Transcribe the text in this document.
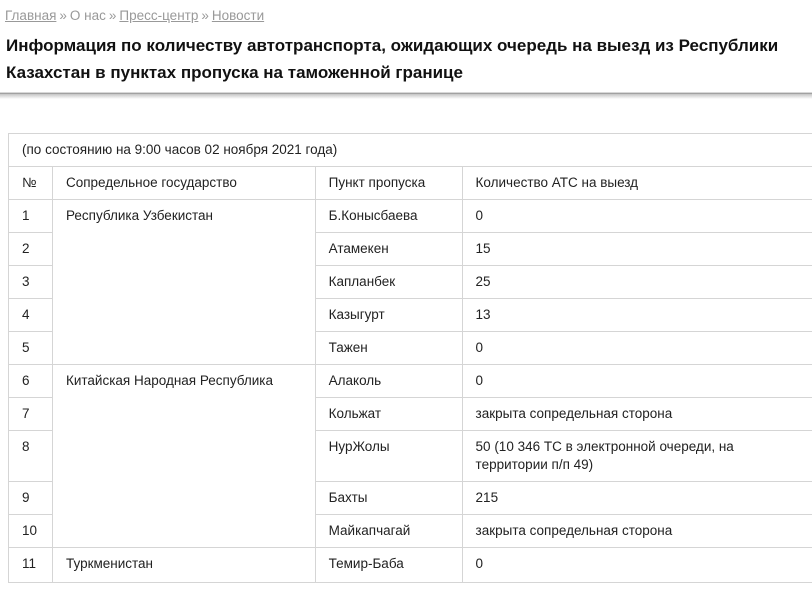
Главная » О нас » Пресс-центр » Новости
Информация по количеству автотранспорта, ожидающих очередь на выезд из Республики Казахстан в пунктах пропуска на таможенной границе
(по состоянию на 9:00 часов 02 ноября 2021 года)			

№	Сопредельное государство	Пункт пропуска	Количество АТС на выезд

1	Республика Узбекистан	Б.Конысбаева	0

2		Атамекен	15

3		Капланбек	25

4		Казыгурт	13

5		Тажен	0

6	Китайская Народная Республика	Алаколь	0

7		Кольжат	закрыта сопредельная сторона

8		НурЖолы	50 (10 346 ТС в электронной очереди, на территории п/п 49)

9		Бахты	215

10		Майкапчагай	закрыта сопредельная сторона

11	Туркменистан	Темир-Баба	0
